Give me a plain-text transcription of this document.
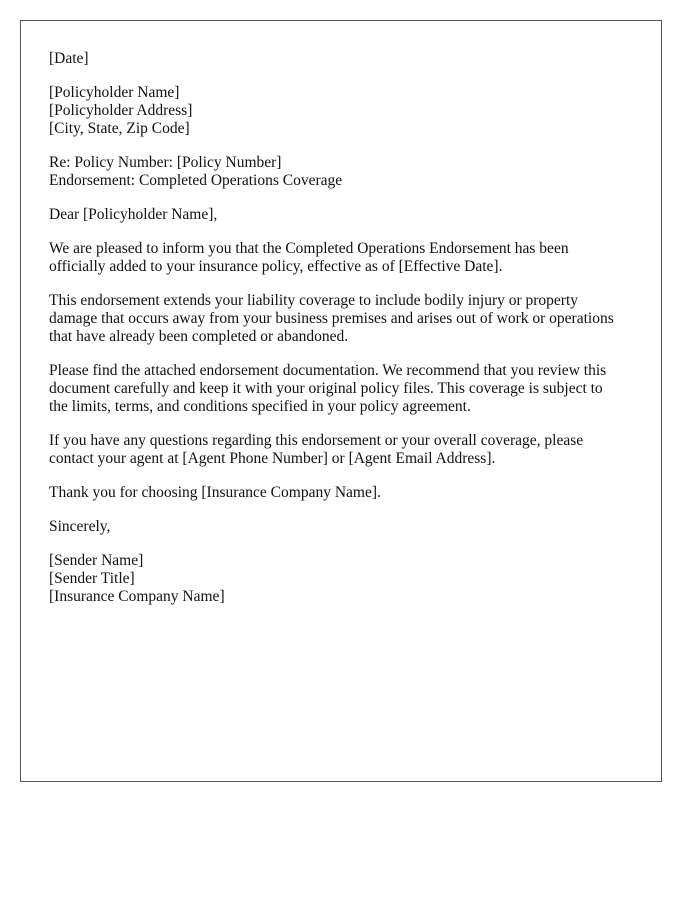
[Date]
[Policyholder Name]
[Policyholder Address]
[City, State, Zip Code]
Re: Policy Number: [Policy Number]
Endorsement: Completed Operations Coverage
Dear [Policyholder Name],
We are pleased to inform you that the Completed Operations Endorsement has been
officially added to your insurance policy, effective as of [Effective Date].
This endorsement extends your liability coverage to include bodily injury or property
damage that occurs away from your business premises and arises out of work or operations
that have already been completed or abandoned.
Please find the attached endorsement documentation. We recommend that you review this
document carefully and keep it with your original policy files. This coverage is subject to
the limits, terms, and conditions specified in your policy agreement.
If you have any questions regarding this endorsement or your overall coverage, please
contact your agent at [Agent Phone Number] or [Agent Email Address].
Thank you for choosing [Insurance Company Name].
Sincerely,
[Sender Name]
[Sender Title]
[Insurance Company Name]
